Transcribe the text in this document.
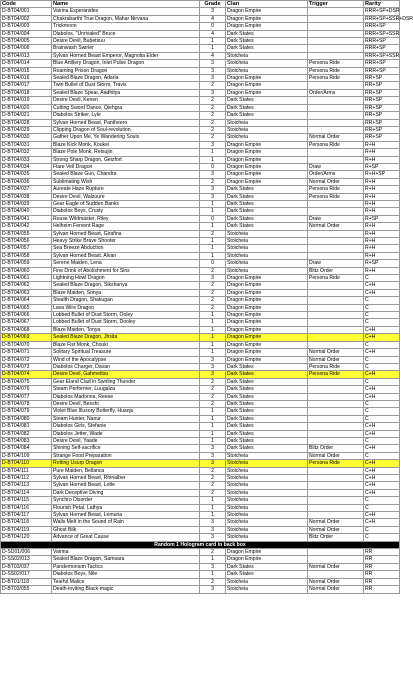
Code	Name	Grade	Clan	Trigger	Rarity
D-BT04/001	Vairina Esperanides	3	Dragon Empire		RRR+SP+DSR
D-BT04/002	Chakrabarthi True Dragon, Mahar Nirvana	4	Dragon Empire		RRR+SP+SSR+DSR
D-BT04/003	Trickmoon	0	Dragon Empire		RRR+SP
D-BT04/004	Diabolos, "Unrivaled" Bruce	4	Dark States		RRR+SP+SSR
D-BT04/005	Desire Devil, Bubetsuu	1	Dark States		RRR+SP
D-BT04/006	Brainwash Swirler	1	Dark States		RRR+SP
D-BT04/013	Sylvan Horned Beast Emperor, Magnolia Elder	4	Stoicheia		RRR+SP+SSR
D-BT04/014	Blue Artillery Dragon, Inlet Pulse Dragon	3	Stoicheia	Persona Ride	RRR+SP
D-BT04/015	Roaming Prison Dragon	3	Stoicheia	Persona Ride	RRR+SP
D-BT04/016	Sealed Blaze Dragon, Adarla	3	Dragon Empire	Persona Ride	RR+SP
D-BT04/017	Twin Bullet of Dust Storm, Travis	2	Dragon Empire		RR+SP
D-BT04/018	Sealed Blaze Spear, Aadhitya	3	Dragon Empire	Order/Arms	RR+SP
D-BT04/019	Desire Devil, Kenen	2	Dark States		RR+SP
D-BT04/020	Cutting Sword Dance, Qiehgra	2	Dark States		RR+SP
D-BT04/021	Diabolos Striker, Lyle	2	Dark States		RR+SP
D-BT04/028	Sylvan Horned Beast, Pantheero	2	Stoicheia		RR+SP
D-BT04/029	Clipping Dragon of Soul-revolution	2	Stoicheia		RR+SP
D-BT04/030	Gather Upon Me, Ye Wandering Souls	2	Stoicheia	Normal Order	RR+SP
D-BT04/031	Blaze Kick Monk, Koukei	3	Dragon Empire	Persona Ride	R+H
D-BT04/032	Blaze Pole Monk, Retsujin	1	Dragon Empire		R+H
D-BT04/033	Strong Sharp Dragon, Geizfort	1	Dragon Empire		R+H
D-BT04/034	Flare Veil Dragon	0	Dragon Empire	Draw	R+SP
D-BT04/035	Sealed Blaze Gun, Chandra	3	Dragon Empire	Order/Arms	R+H+SP
D-BT04/036	Sublimating Wish	2	Dragon Empire	Normal Order	R+H
D-BT04/037	Aureate Haze Rupture	3	Dark States	Persona Ride	R+H
D-BT04/038	Desire Devil, Walzuure	3	Dark States	Persona Ride	R+H
D-BT04/039	Gear Eagle of Sudden Banks	1	Dark States		R+H
D-BT04/040	Diabolos Boys, Crusty	1	Dark States		R+H
D-BT04/041	Rouse Wildmaster, Riley	0	Dark States	Draw	R+SP
D-BT04/042	Helheim Fervent Rage	1	Dark States	Normal Order	R+H
D-BT04/055	Sylvan Horned Beast, Girafina	2	Stoicheia		R+H
D-BT04/056	Heavy Strike Brave Shooter	1	Stoicheia		R+H
D-BT04/057	Sea Breeze Abduction	1	Stoicheia		R+H
D-BT04/058	Sylvan Horned Beast, Alvan	1	Stoicheia		R+H
D-BT04/059	Serene Maiden, Lena	0	Stoicheia	Draw	R+SP
D-BT04/060	Fine Drink of Abolishment for Sins	2	Stoicheia	Blitz Order	R+H
D-BT04/061	Lightning Howl Dragon	3	Dragon Empire	Persona Ride	C
D-BT04/062	Sealed Blaze Dragon, Sikshanya	2	Dragon Empire		C+H
D-BT04/063	Blaze Maiden, Sonya	2	Dragon Empire		C+H
D-BT04/064	Stealth Dragon, Shakugan	2	Dragon Empire		C
D-BT04/065	Lava Wire Dragon	2	Dragon Empire		C
D-BT04/066	Lobbed Bullet of Dust Storm, Ooley	1	Dragon Empire		C
D-BT04/067	Lobbed Bullet of Dust Storm, Dooley	1	Dragon Empire		C
D-BT04/068	Blaze Maiden, Tonya	1	Dragon Empire		C+H
D-BT04/069	Sealed Blaze Dragon, Jhsita	1	Dragon Empire		C+H
D-BT04/070	Blaze Fist Monk, Chouki	1	Dragon Empire		C
D-BT04/071	Solitary Spiritual Treasure	1	Dragon Empire	Normal Order	C+H
D-BT04/072	Wind of the Apocalypse	3	Dragon Empire	Normal Order	C
D-BT04/073	Diabolos Charger, Davan	3	Dark States	Persona Ride	C
D-BT04/074	Desire Devil, Gahmettsu	3	Dark States	Persona Ride	C+H
D-BT04/075	Gear Eland Clad in Swirling Thunder	2	Dark States		C
D-BT04/076	Steam Performer, Luugalza	2	Dark States		C+H
D-BT04/077	Diabolos Madonna, Reese	2	Dark States		C+H
D-BT04/078	Desire Devil, Besshi	2	Dark States		C
D-BT04/079	Violet Blue Illusory Butterfly, Huanju	1	Dark States		C
D-BT04/080	Steam Hunter, Nanur	1	Dark States		C
D-BT04/081	Diabolos Girls, Stefanie	1	Dark States		C+H
D-BT04/082	Diabolos Jetter, Wade	1	Dark States		C+H
D-BT04/083	Desire Devil, Yaade	1	Dark States		C
D-BT04/084	Shining Self-sacrifice	3	Dark States	Blitz Order	C+H
D-BT04/109	Strange Food Preparation	3	Stoicheia	Normal Order	C
D-BT04/110	Rotting Usurp Dragon	3	Stoicheia	Persona Ride	C+H
D-BT04/111	Pure Maiden, Bellanca	2	Stoicheia		C+H
D-BT04/112	Sylvan Horned Beast, Rhinalber	2	Stoicheia		C+H
D-BT04/113	Sylvan Horned Beast, Lotte	2	Stoicheia		C+H
D-BT04/114	Dark Deceptive Diving	2	Stoicheia		C+H
D-BT04/115	Synchro Disorder	1	Stoicheia		C
D-BT04/116	Flourish Petal, Lathya	1	Stoicheia		C
D-BT04/117	Sylvan Horned Beast, Lemuria	1	Stoicheia		C+H
D-BT04/118	Walls Melt in the Sound of Rain	3	Stoicheia	Normal Order	C+H
D-BT04/119	Ghost Bilk	3	Stoicheia	Normal Order	C
D-BT04/120	Advance of Great Cause	3	Stoicheia	Blitz Order	C
Random 1 Hologram card in back box					
D-SD01/006	Vairina	2	Dragon Empire		RR
D-SS02/013	Sealed Blaze Dragon, Samsara	1	Dragon Empire		RR
D-BT03/037	Pandemonium Tactics	3	Dark States	Normal Order	RR
D-SS02/017	Diabolos Boys, Nile	1	Dark States		RR
D-BT01/118	Tearful Malice	2	Stoicheia	Normal Order	RR
D-BT03/055	Death-inviting Black-magic	3	Stoicheia	Normal Order	RR
